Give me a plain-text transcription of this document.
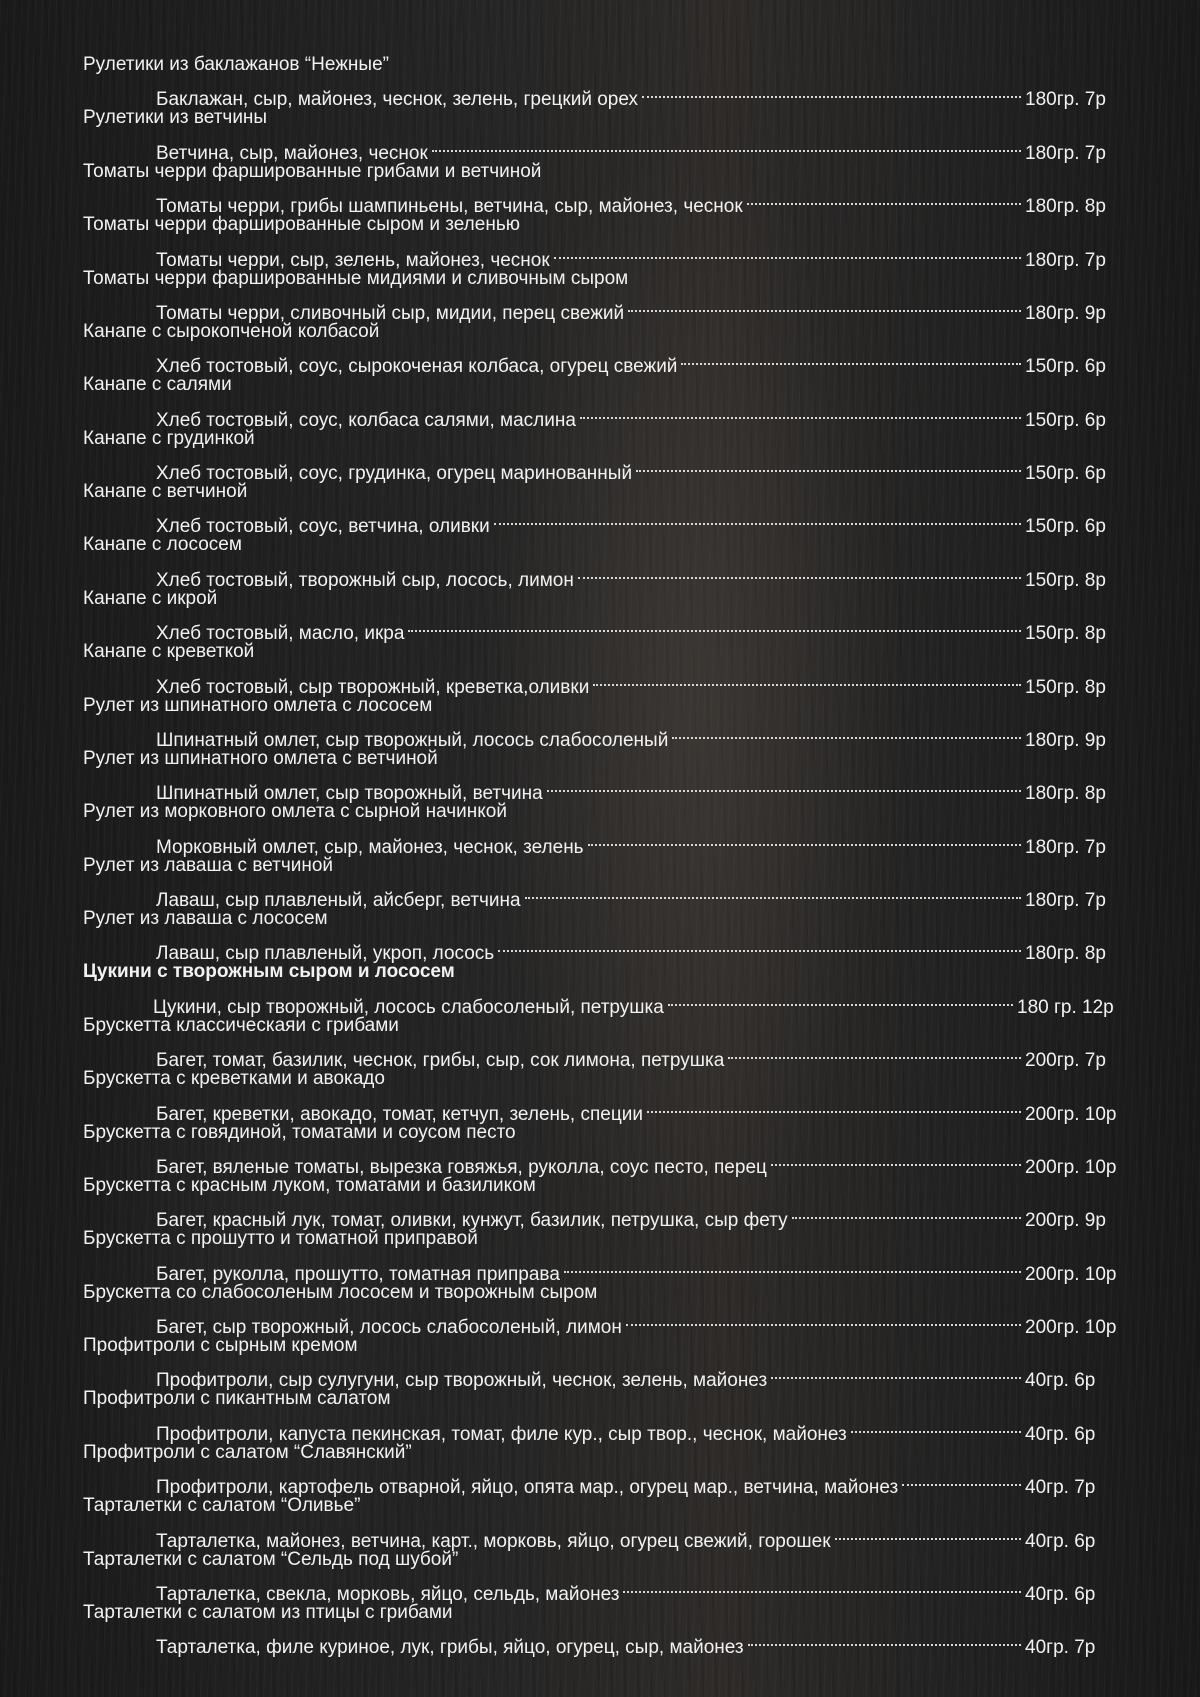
Рулетики из баклажанов “Нежные”
Баклажан, сыр, майонез, чеснок, зелень, грецкий орех	180гр. 7р
Рулетики из ветчины
Ветчина, сыр, майонез, чеснок	180гр. 7р
Томаты черри фаршированные грибами и ветчиной
Томаты черри, грибы шампиньены, ветчина, сыр, майонез, чеснок	180гр. 8р
Томаты черри фаршированные сыром и зеленью
Томаты черри, сыр, зелень, майонез, чеснок	180гр. 7р
Томаты черри фаршированные мидиями и сливочным сыром
Томаты черри, сливочный сыр, мидии, перец свежий	180гр. 9р
Канапе с сырокопченой колбасой
Хлеб тостовый, соус, сырокоченая колбаса, огурец свежий	150гр. 6р
Канапе с салями
Хлеб тостовый, соус, колбаса салями, маслина	150гр. 6р
Канапе с грудинкой
Хлеб тостовый, соус, грудинка, огурец маринованный	150гр. 6р
Канапе с ветчиной
Хлеб тостовый, соус, ветчина, оливки	150гр. 6р
Канапе с лососем
Хлеб тостовый, творожный сыр, лосось, лимон	150гр. 8р
Канапе с икрой
Хлеб тостовый, масло, икра	150гр. 8р
Канапе с креветкой
Хлеб тостовый, сыр творожный, креветка,оливки	150гр. 8р
Рулет из шпинатного омлета с лососем
Шпинатный омлет, сыр творожный, лосось слабосоленый	180гр. 9р
Рулет из шпинатного омлета с ветчиной
Шпинатный омлет, сыр творожный, ветчина	180гр. 8р
Рулет из морковного омлета с сырной начинкой
Морковный омлет, сыр, майонез, чеснок, зелень	180гр. 7р
Рулет из лаваша с ветчиной
Лаваш, сыр плавленый, айсберг, ветчина	180гр. 7р
Рулет из лаваша с лососем
Лаваш, сыр плавленый, укроп, лосось	180гр. 8р
Цукини с творожным сыром и лососем
Цукини, сыр творожный, лосось слабосоленый, петрушка	180 гр. 12р
Брускетта классическаяи с грибами
Багет, томат, базилик, чеснок, грибы, сыр, сок лимона, петрушка	200гр. 7р
Брускетта с креветками и авокадо
Багет, креветки, авокадо, томат, кетчуп, зелень, специи	200гр. 10р
Брускетта с говядиной, томатами и соусом песто
Багет, вяленые томаты, вырезка говяжья, руколла, соус песто, перец	200гр. 10р
Брускетта с красным луком, томатами и базиликом
Багет, красный лук, томат, оливки, кунжут, базилик, петрушка, сыр фету	200гр. 9р
Брускетта с прошутто и томатной приправой
Багет, руколла, прошутто, томатная приправа	200гр. 10р
Брускетта со слабосоленым лососем и творожным сыром
Багет, сыр творожный, лосось слабосоленый, лимон	200гр. 10р
Профитроли с сырным кремом
Профитроли, сыр сулугуни, сыр творожный, чеснок, зелень, майонез	40гр. 6р
Профитроли с пикантным салатом
Профитроли, капуста пекинская, томат, филе кур., сыр твор., чеснок, майонез	40гр. 6р
Профитроли с салатом “Славянский”
Профитроли, картофель отварной, яйцо, опята мар., огурец мар., ветчина, майонез	40гр. 7р
Тарталетки с салатом “Оливье”
Тарталетка, майонез, ветчина, карт., морковь, яйцо, огурец свежий, горошек	40гр. 6р
Тарталетки с салатом “Сельдь под шубой”
Тарталетка, свекла, морковь, яйцо, сельдь, майонез	40гр. 6р
Тарталетки с салатом из птицы с грибами
Тарталетка, филе куриное, лук, грибы, яйцо, огурец, сыр, майонез	40гр. 7р
